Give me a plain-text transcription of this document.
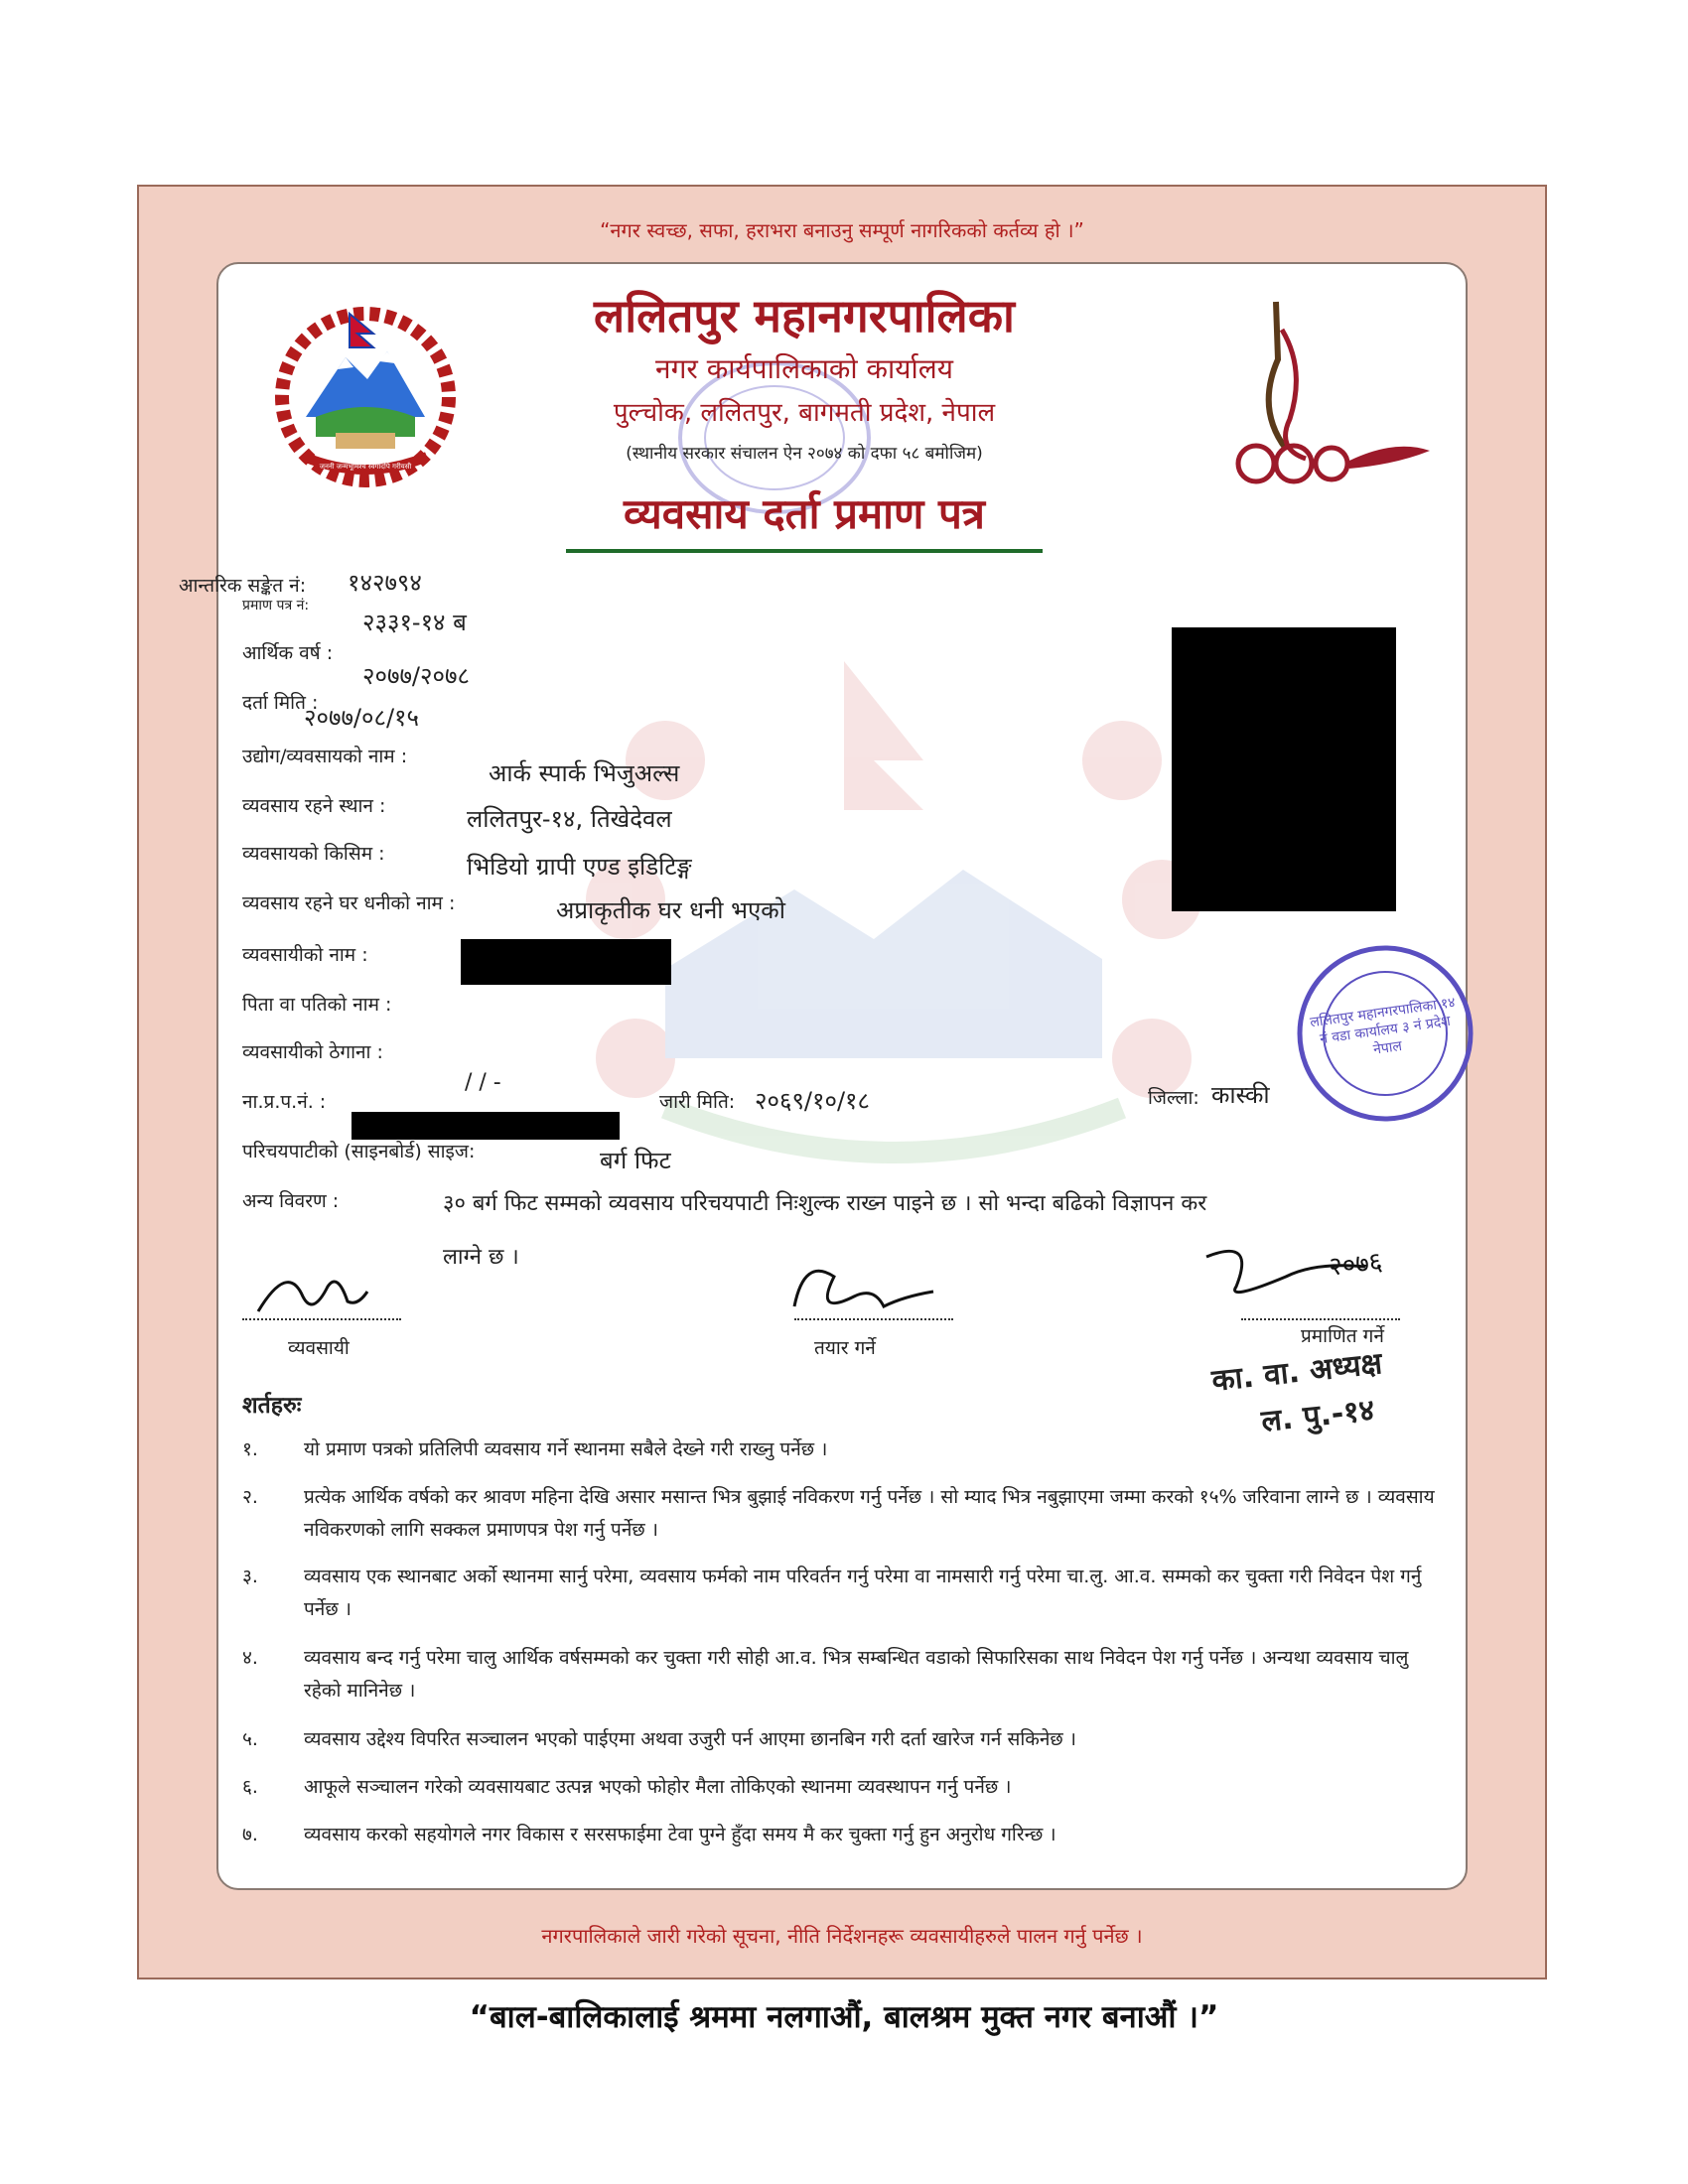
“नगर स्वच्छ, सफा, हराभरा बनाउनु सम्पूर्ण नागरिकको कर्तव्य हो ।”
जननी जन्मभूमिश्च स्वर्गादपि गरीयसी
ललितपुर महानगरपालिका
नगर कार्यपालिकाको कार्यालय
पुल्चोक, ललितपुर, बागमती प्रदेश, नेपाल
(स्थानीय सरकार संचालन ऐन २०७४ को दफा ५८ बमोजिम)
व्यवसाय दर्ता प्रमाण पत्र
आन्तरिक सङ्केत नं: १४२७९४
प्रमाण पत्र नं:
२३३१-१४ ब
आर्थिक वर्ष :
२०७७/२०७८
दर्ता मिति :
२०७७/०८/१५
उद्योग/व्यवसायको नाम :
आर्क स्पार्क भिजुअल्स
व्यवसाय रहने स्थान :	ललितपुर-१४, तिखेदेवल
व्यवसायको किसिम :	भिडियो ग्रापी एण्ड इडिटिङ्ग
व्यवसाय रहने घर धनीको नाम :	अप्राकृतीक घर धनी भएको
व्यवसायीको नाम :
पिता वा पतिको नाम :
व्यवसायीको ठेगाना :
ना.प्र.प.नं. :
/ / -
जारी मिति: २०६९/१०/१८	जिल्ला: कास्की
परिचयपाटीको (साइनबोर्ड) साइज:	बर्ग फिट
अन्य विवरण :	३० बर्ग फिट सम्मको व्यवसाय परिचयपाटी निःशुल्क राख्न पाइने छ । सो भन्दा बढिको विज्ञापन कर
लाग्ने छ ।
ललितपुर महानगरपालिका १४ नं वडा कार्यालय ३ नं प्रदेश नेपाल
व्यवसायी	तयार गर्ने
२०७६
प्रमाणित गर्ने
का. वा. अध्यक्ष
ल. पु.-१४
शर्तहरुः
१.	यो प्रमाण पत्रको प्रतिलिपी व्यवसाय गर्ने स्थानमा सबैले देख्ने गरी राख्नु पर्नेछ ।
२.	प्रत्येक आर्थिक वर्षको कर श्रावण महिना देखि असार मसान्त भित्र बुझाई नविकरण गर्नु पर्नेछ । सो म्याद भित्र नबुझाएमा जम्मा करको १५% जरिवाना लाग्ने छ । व्यवसाय नविकरणको लागि सक्कल प्रमाणपत्र पेश गर्नु पर्नेछ ।
३.	व्यवसाय एक स्थानबाट अर्को स्थानमा सार्नु परेमा, व्यवसाय फर्मको नाम परिवर्तन गर्नु परेमा वा नामसारी गर्नु परेमा चा.लु. आ.व. सम्मको कर चुक्ता गरी निवेदन पेश गर्नु पर्नेछ ।
४.	व्यवसाय बन्द गर्नु परेमा चालु आर्थिक वर्षसम्मको कर चुक्ता गरी सोही आ.व. भित्र सम्बन्धित वडाको सिफारिसका साथ निवेदन पेश गर्नु पर्नेछ । अन्यथा व्यवसाय चालु रहेको मानिनेछ ।
५.	व्यवसाय उद्देश्य विपरित सञ्चालन भएको पाईएमा अथवा उजुरी पर्न आएमा छानबिन गरी दर्ता खारेज गर्न सकिनेछ ।
६.	आफूले सञ्चालन गरेको व्यवसायबाट उत्पन्न भएको फोहोर मैला तोकिएको स्थानमा व्यवस्थापन गर्नु पर्नेछ ।
७.	व्यवसाय करको सहयोगले नगर विकास र सरसफाईमा टेवा पुग्ने हुँदा समय मै कर चुक्ता गर्नु हुन अनुरोध गरिन्छ ।
नगरपालिकाले जारी गरेको सूचना, नीति निर्देशनहरू व्यवसायीहरुले पालन गर्नु पर्नेछ ।
“बाल-बालिकालाई श्रममा नलगाऔं, बालश्रम मुक्त नगर बनाऔं ।”
